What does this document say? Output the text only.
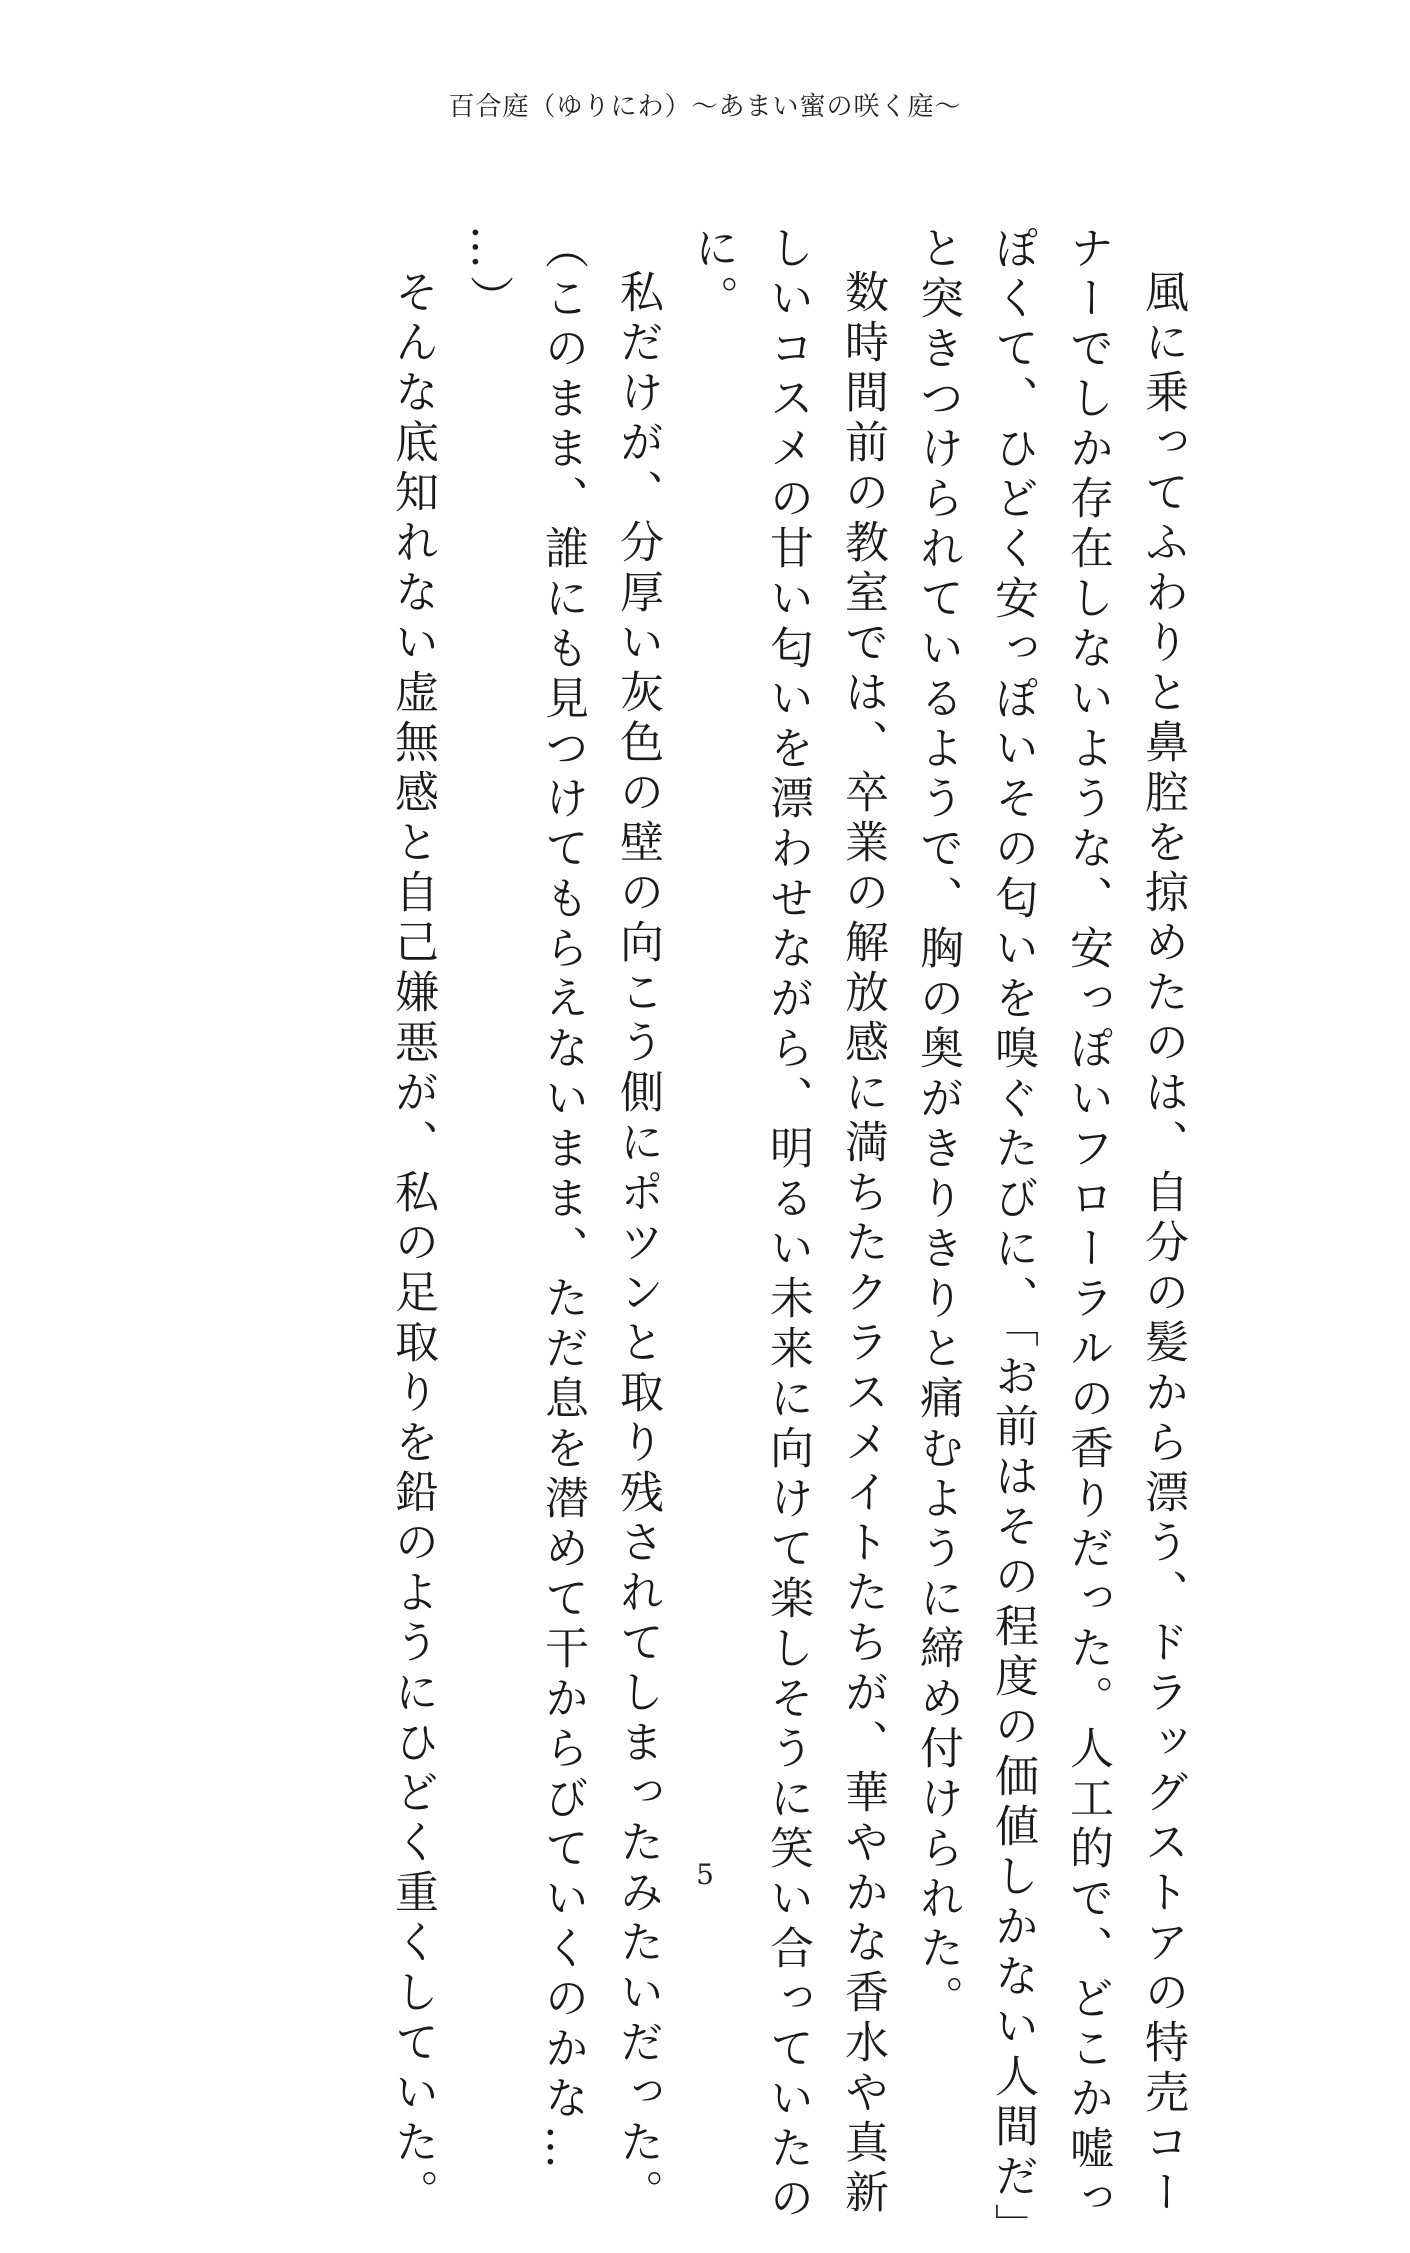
百合庭（ゆりにわ）〜あまい蜜の咲く庭〜

風に乗ってふわりと鼻腔を掠めたのは、自分の髪から漂う、ドラッグストアの特売コー

ナーでしか存在しないような、安っぽいフローラルの香りだった。人工的で、どこか嘘っ

ぽくて、ひどく安っぽいその匂いを嗅ぐたびに、「お前はその程度の価値しかない人間だ」

と突きつけられているようで、胸の奥がきりきりと痛むように締め付けられた。

数時間前の教室では、卒業の解放感に満ちたクラスメイトたちが、華やかな香水や真新

しいコスメの甘い匂いを漂わせながら、明るい未来に向けて楽しそうに笑い合っていたの

に。

私だけが、分厚い灰色の壁の向こう側にポツンと取り残されてしまったみたいだった。

（このまま、誰にも見つけてもらえないまま、ただ息を潜めて干からびていくのかな…

…）

そんな底知れない虚無感と自己嫌悪が、私の足取りを鉛のようにひどく重くしていた。	5
